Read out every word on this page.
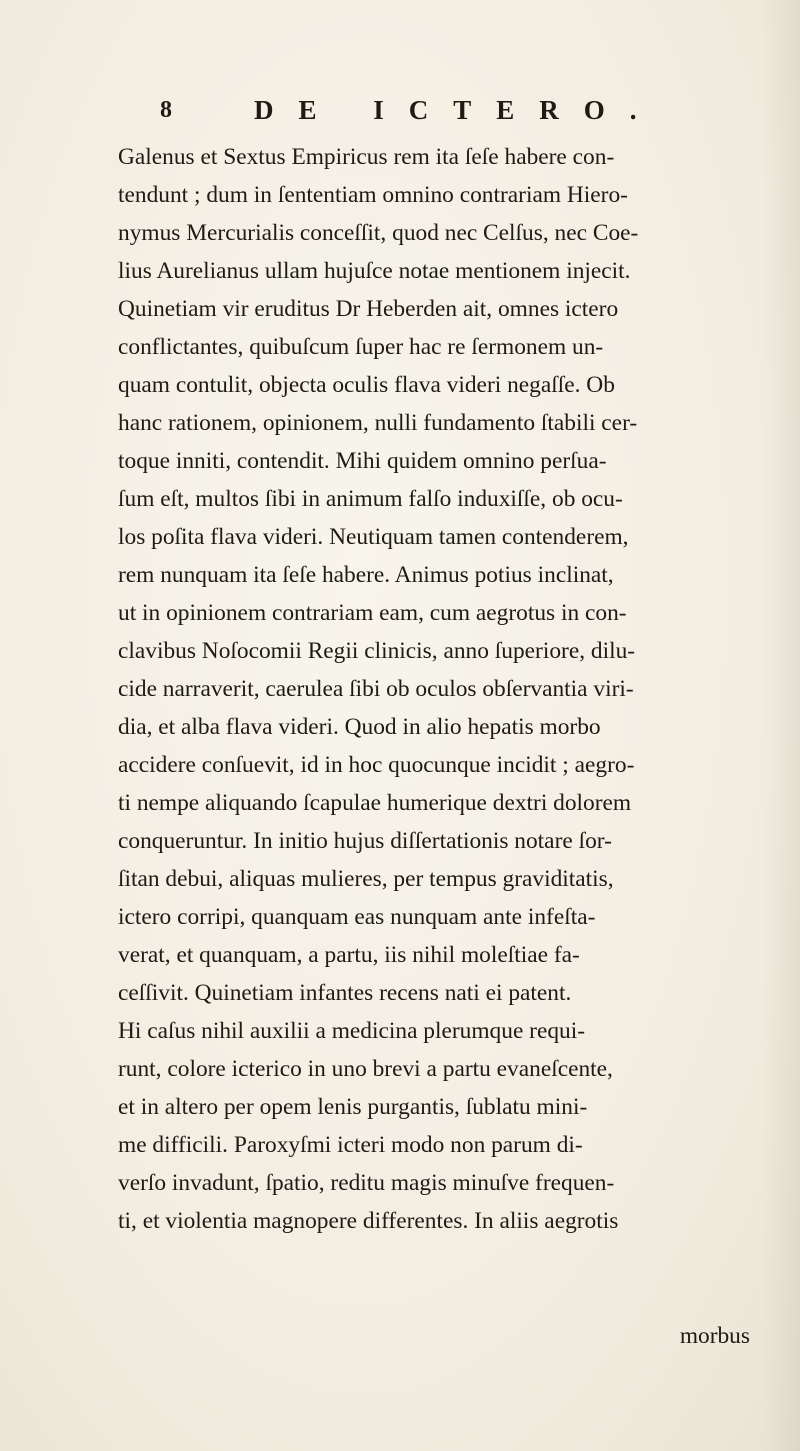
8	DE ICTERO.
Galenus et Sextus Empiricus rem ita ſeſe habere con-
tendunt ; dum in ſententiam omnino contrariam Hiero-
nymus Mercurialis conceſſit, quod nec Celſus, nec Coe-
lius Aurelianus ullam hujuſce notae mentionem injecit.
Quinetiam vir eruditus Dr Heberden ait, omnes ictero
conflictantes, quibuſcum ſuper hac re ſermonem un-
quam contulit, objecta oculis flava videri negaſſe. Ob
hanc rationem, opinionem, nulli fundamento ſtabili cer-
toque inniti, contendit. Mihi quidem omnino perſua-
ſum eſt, multos ſibi in animum falſo induxiſſe, ob ocu-
los poſita flava videri. Neutiquam tamen contenderem,
rem nunquam ita ſeſe habere. Animus potius inclinat,
ut in opinionem contrariam eam, cum aegrotus in con-
clavibus Noſocomii Regii clinicis, anno ſuperiore, dilu-
cide narraverit, caerulea ſibi ob oculos obſervantia viri-
dia, et alba flava videri. Quod in alio hepatis morbo
accidere conſuevit, id in hoc quocunque incidit ; aegro-
ti nempe aliquando ſcapulae humerique dextri dolorem
conqueruntur. In initio hujus diſſertationis notare ſor-
ſitan debui, aliquas mulieres, per tempus graviditatis,
ictero corripi, quanquam eas nunquam ante infeſta-
verat, et quanquam, a partu, iis nihil moleſtiae fa-
ceſſivit. Quinetiam infantes recens nati ei patent.
Hi caſus nihil auxilii a medicina plerumque requi-
runt, colore icterico in uno brevi a partu evaneſcente,
et in altero per opem lenis purgantis, ſublatu mini-
me difficili. Paroxyſmi icteri modo non parum di-
verſo invadunt, ſpatio, reditu magis minuſve frequen-
ti, et violentia magnopere differentes. In aliis aegrotis
morbus
